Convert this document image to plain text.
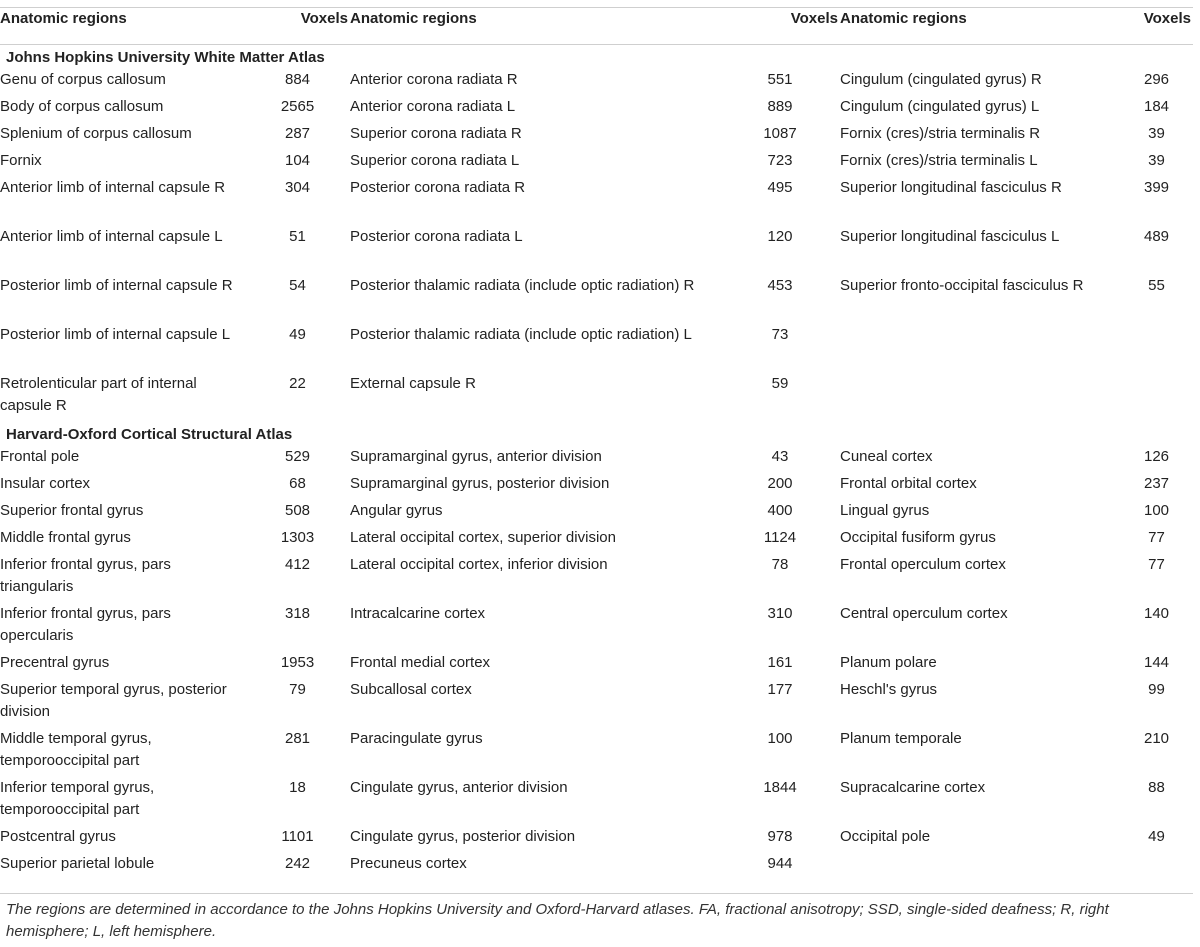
Anatomic regions	Voxels	Anatomic regions	Voxels	Anatomic regions	Voxels
Johns Hopkins University White Matter Atlas					
Genu of corpus callosum	884	Anterior corona radiata R	551	Cingulum (cingulated gyrus) R	296
Body of corpus callosum	2565	Anterior corona radiata L	889	Cingulum (cingulated gyrus) L	184
Splenium of corpus callosum	287	Superior corona radiata R	1087	Fornix (cres)/stria terminalis R	39
Fornix	104	Superior corona radiata L	723	Fornix (cres)/stria terminalis L	39
Anterior limb of internal capsule R	304	Posterior corona radiata R	495	Superior longitudinal fasciculus R	399
Anterior limb of internal capsule L	51	Posterior corona radiata L	120	Superior longitudinal fasciculus L	489
Posterior limb of internal capsule R	54	Posterior thalamic radiata (include optic radiation) R	453	Superior fronto-occipital fasciculus R	55
Posterior limb of internal capsule L	49	Posterior thalamic radiata (include optic radiation) L	73		
Retrolenticular part of internal capsule R	22	External capsule R	59		
Harvard-Oxford Cortical Structural Atlas					
Frontal pole	529	Supramarginal gyrus, anterior division	43	Cuneal cortex	126
Insular cortex	68	Supramarginal gyrus, posterior division	200	Frontal orbital cortex	237
Superior frontal gyrus	508	Angular gyrus	400	Lingual gyrus	100
Middle frontal gyrus	1303	Lateral occipital cortex, superior division	1124	Occipital fusiform gyrus	77
Inferior frontal gyrus, pars triangularis	412	Lateral occipital cortex, inferior division	78	Frontal operculum cortex	77
Inferior frontal gyrus, pars opercularis	318	Intracalcarine cortex	310	Central operculum cortex	140
Precentral gyrus	1953	Frontal medial cortex	161	Planum polare	144
Superior temporal gyrus, posterior division	79	Subcallosal cortex	177	Heschl's gyrus	99
Middle temporal gyrus, temporooccipital part	281	Paracingulate gyrus	100	Planum temporale	210
Inferior temporal gyrus, temporooccipital part	18	Cingulate gyrus, anterior division	1844	Supracalcarine cortex	88
Postcentral gyrus	1101	Cingulate gyrus, posterior division	978	Occipital pole	49
Superior parietal lobule	242	Precuneus cortex	944		
The regions are determined in accordance to the Johns Hopkins University and Oxford-Harvard atlases. FA, fractional anisotropy; SSD, single-sided deafness; R, right hemisphere; L, left hemisphere.
